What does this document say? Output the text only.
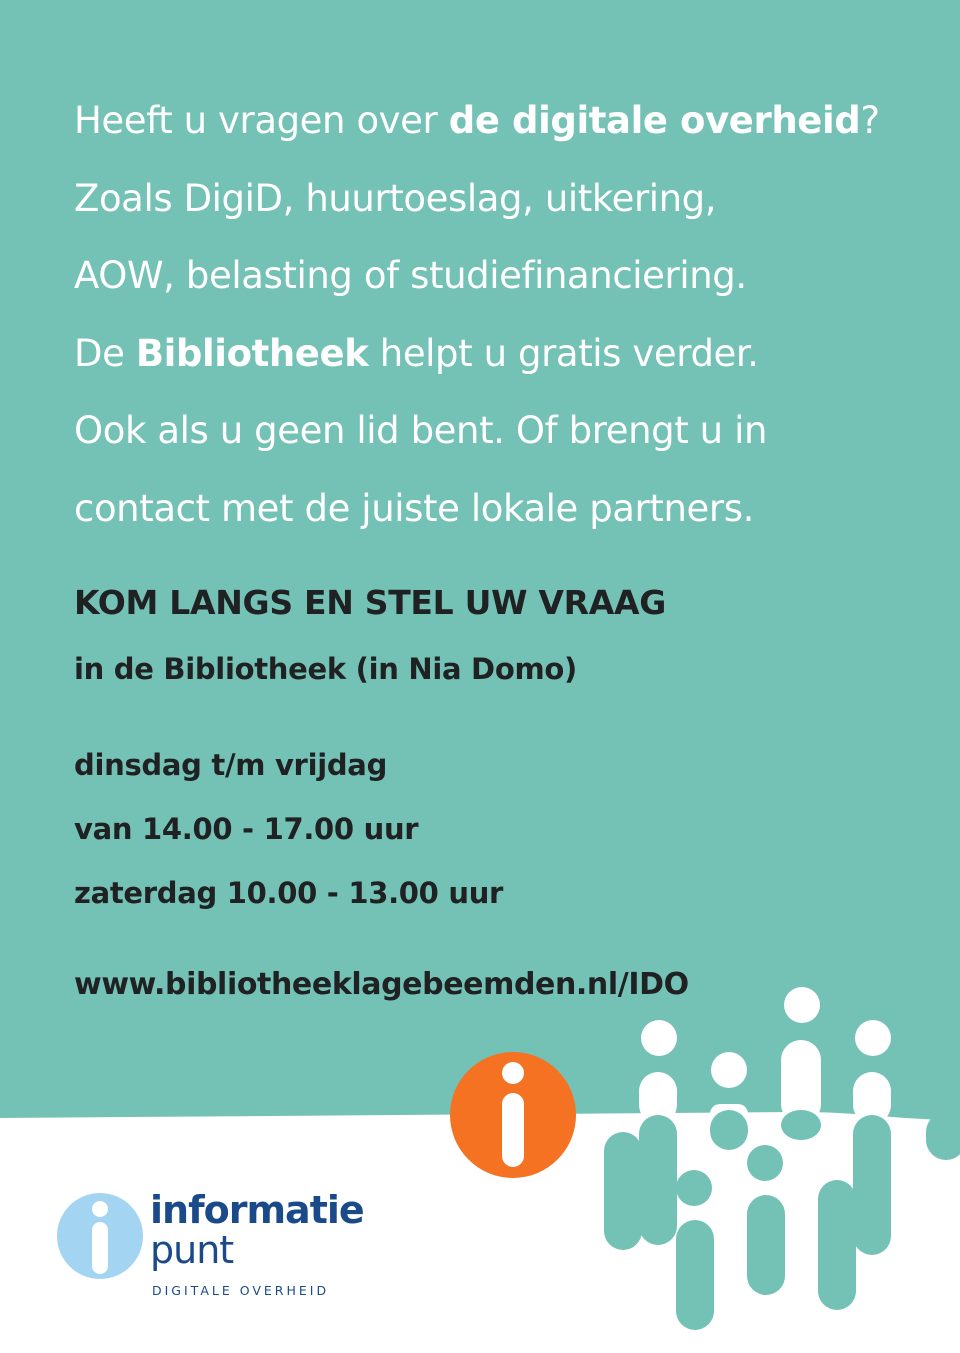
Heeft u vragen over de digitale overheid?
Zoals DigiD, huurtoeslag, uitkering,
AOW, belasting of studiefinanciering.
De Bibliotheek helpt u gratis verder.
Ook als u geen lid bent. Of brengt u in
contact met de juiste lokale partners.
KOM LANGS EN STEL UW VRAAG
in de Bibliotheek (in Nia Domo)
dinsdag t/m vrijdag
van 14.00 - 17.00 uur
zaterdag 10.00 - 13.00 uur
www.bibliotheeklagebeemden.nl/IDO
informatie
punt
DIGITALE OVERHEID
